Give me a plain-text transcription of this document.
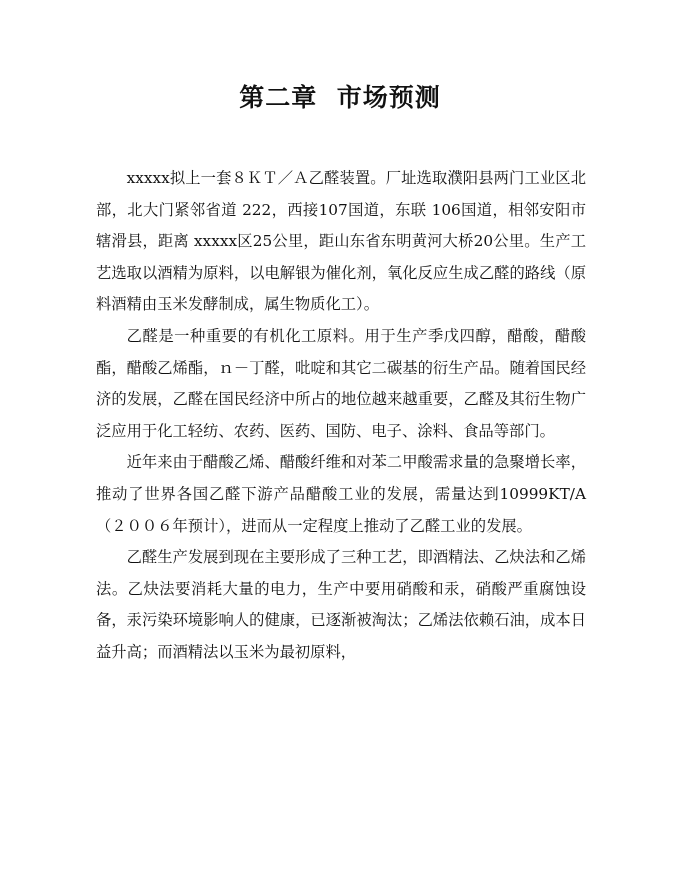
第二章  市场预测

xxxxx拟上一套８ＫＴ／Ａ乙醛装置。厂址选取濮阳县两门工业区北部，北大门紧邻省道 222，西接107国道，东联 106国道，相邻安阳市辖滑县，距离 xxxxx区25公里，距山东省东明黄河大桥20公里。生产工艺选取以酒精为原料，以电解银为催化剂，氧化反应生成乙醛的路线（原料酒精由玉米发酵制成，属生物质化工）。

乙醛是一种重要的有机化工原料。用于生产季戊四醇，醋酸，醋酸酯，醋酸乙烯酯，ｎ－丁醛，吡啶和其它二碳基的衍生产品。随着国民经济的发展，乙醛在国民经济中所占的地位越来越重要，乙醛及其衍生物广泛应用于化工轻纺、农药、医药、国防、电子、涂料、食品等部门。

近年来由于醋酸乙烯、醋酸纤维和对苯二甲酸需求量的急聚增长率，推动了世界各国乙醛下游产品醋酸工业的发展，需量达到10999KT/A（２００６年预计），进而从一定程度上推动了乙醛工业的发展。

乙醛生产发展到现在主要形成了三种工艺，即酒精法、乙炔法和乙烯法。乙炔法要消耗大量的电力，生产中要用硝酸和汞，硝酸严重腐蚀设备，汞污染环境影响人的健康，已逐渐被淘汰；乙烯法依赖石油，成本日益升高；而酒精法以玉米为最初原料，
